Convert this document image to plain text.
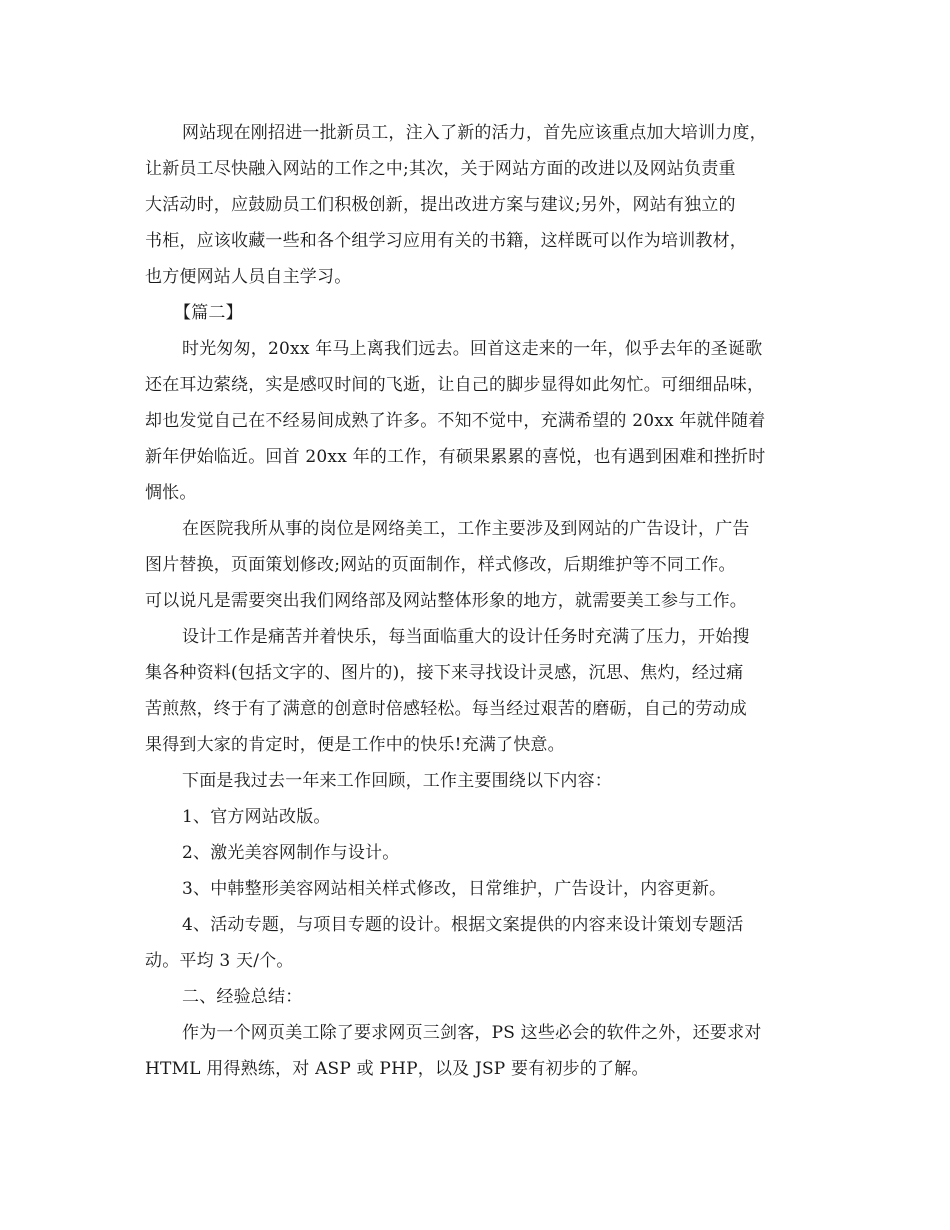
网站现在刚招进一批新员工，注入了新的活力，首先应该重点加大培训力度，
让新员工尽快融入网站的工作之中;其次，关于网站方面的改进以及网站负责重
大活动时，应鼓励员工们积极创新，提出改进方案与建议;另外，网站有独立的
书柜，应该收藏一些和各个组学习应用有关的书籍，这样既可以作为培训教材，
也方便网站人员自主学习。
【篇二】
时光匆匆，20xx 年马上离我们远去。回首这走来的一年，似乎去年的圣诞歌
还在耳边萦绕，实是感叹时间的飞逝，让自己的脚步显得如此匆忙。可细细品味，
却也发觉自己在不经易间成熟了许多。不知不觉中，充满希望的 20xx 年就伴随着
新年伊始临近。回首 20xx 年的工作，有硕果累累的喜悦，也有遇到困难和挫折时
惆怅。
在医院我所从事的岗位是网络美工，工作主要涉及到网站的广告设计，广告
图片替换，页面策划修改;网站的页面制作，样式修改，后期维护等不同工作。
可以说凡是需要突出我们网络部及网站整体形象的地方，就需要美工参与工作。
设计工作是痛苦并着快乐，每当面临重大的设计任务时充满了压力，开始搜
集各种资料(包括文字的、图片的)，接下来寻找设计灵感，沉思、焦灼，经过痛
苦煎熬，终于有了满意的创意时倍感轻松。每当经过艰苦的磨砺，自己的劳动成
果得到大家的肯定时，便是工作中的快乐!充满了快意。
下面是我过去一年来工作回顾，工作主要围绕以下内容：
1、官方网站改版。
2、激光美容网制作与设计。
3、中韩整形美容网站相关样式修改，日常维护，广告设计，内容更新。
4、活动专题，与项目专题的设计。根据文案提供的内容来设计策划专题活
动。平均 3 天/个。
二、经验总结：
作为一个网页美工除了要求网页三剑客，PS 这些必会的软件之外，还要求对
HTML 用得熟练，对 ASP 或 PHP，以及 JSP 要有初步的了解。
